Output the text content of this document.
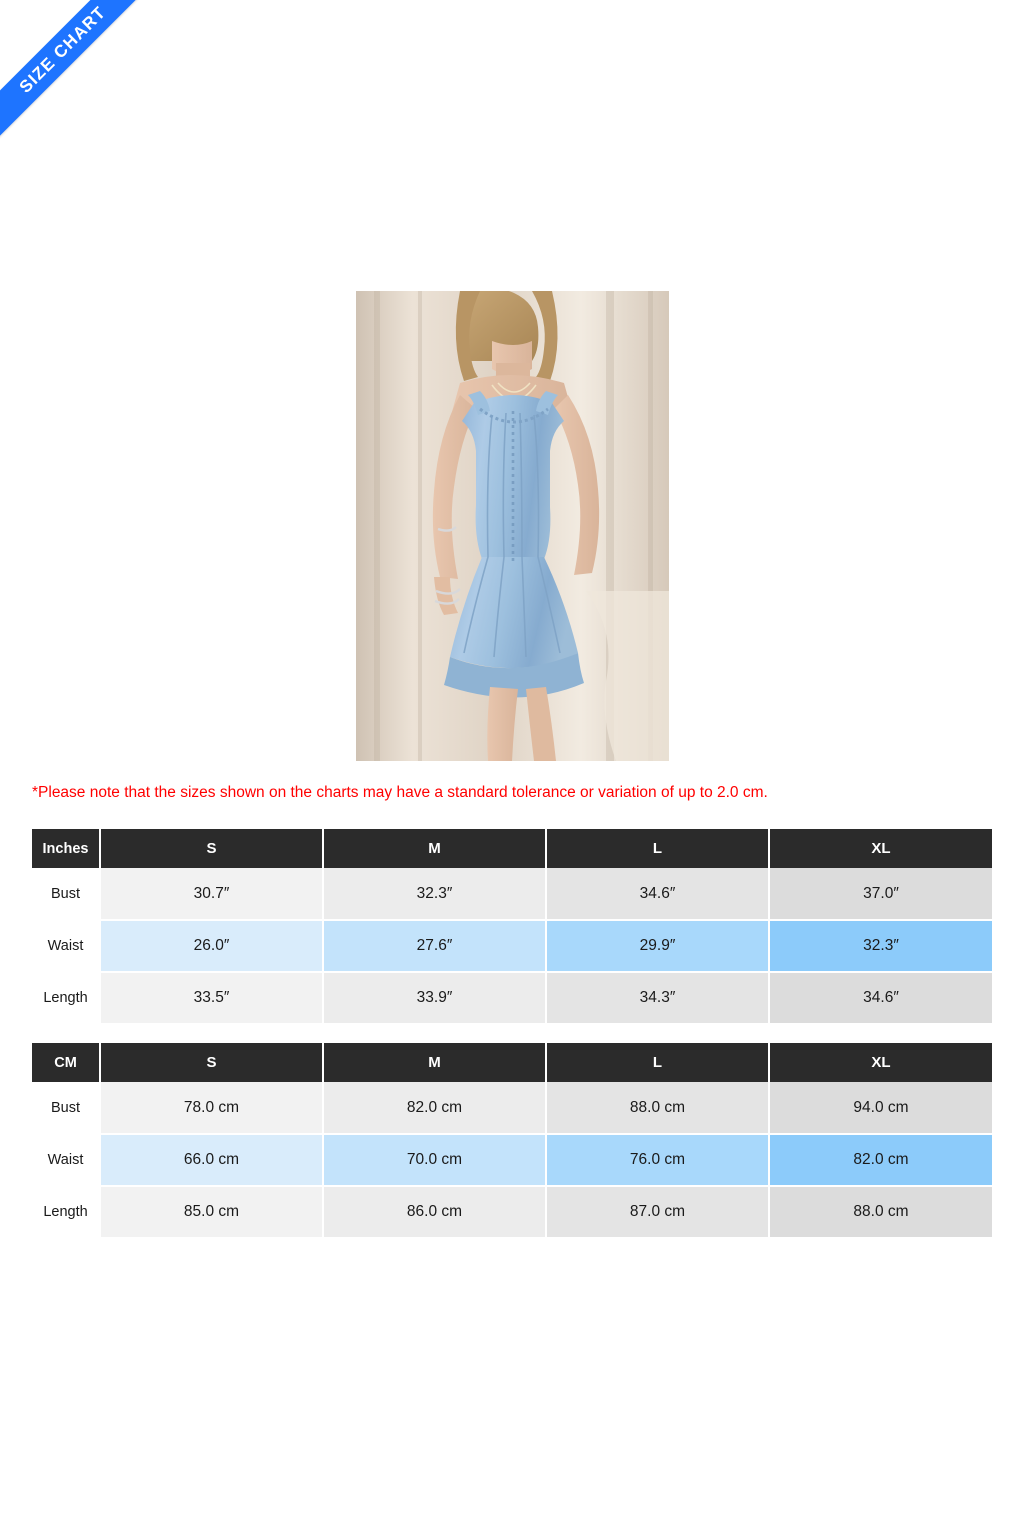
SIZE CHART
*Please note that the sizes shown on the charts may have a standard tolerance or variation of up to 2.0 cm.
Inches	S	M	L	XL
Bust	30.7″	32.3″	34.6″	37.0″
Waist	26.0″	27.6″	29.9″	32.3″
Length	33.5″	33.9″	34.3″	34.6″
CM	S	M	L	XL
Bust	78.0 cm	82.0 cm	88.0 cm	94.0 cm
Waist	66.0 cm	70.0 cm	76.0 cm	82.0 cm
Length	85.0 cm	86.0 cm	87.0 cm	88.0 cm
